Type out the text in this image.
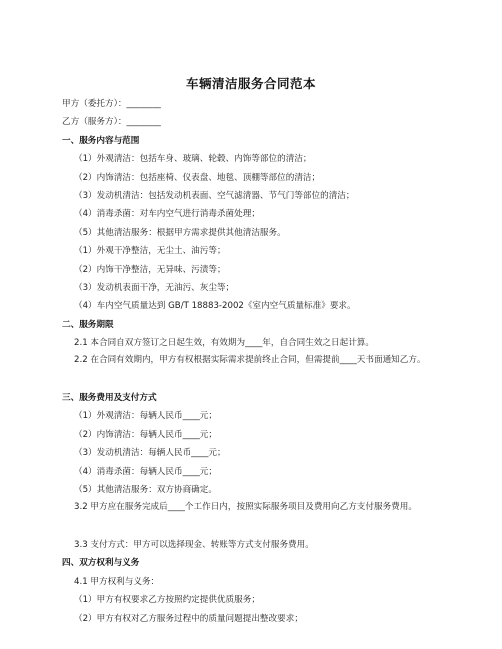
车辆清洁服务合同范本
甲方（委托方）：________
乙方（服务方）：________
一、服务内容与范围
（1）外观清洁：包括车身、玻璃、轮毂、内饰等部位的清洁；
（2）内饰清洁：包括座椅、仪表盘、地毯、顶棚等部位的清洁；
（3）发动机清洁：包括发动机表面、空气滤清器、节气门等部位的清洁；
（4）消毒杀菌：对车内空气进行消毒杀菌处理；
（5）其他清洁服务：根据甲方需求提供其他清洁服务。
（1）外观干净整洁，无尘土、油污等；
（2）内饰干净整洁，无异味、污渍等；
（3）发动机表面干净，无油污、灰尘等；
（4）车内空气质量达到 GB/T 18883-2002《室内空气质量标准》要求。
二、服务期限
2.1 本合同自双方签订之日起生效，有效期为____年，自合同生效之日起计算。
2.2 在合同有效期内，甲方有权根据实际需求提前终止合同，但需提前____天书面通知乙方。
三、服务费用及支付方式
（1）外观清洁：每辆人民币____元；
（2）内饰清洁：每辆人民币____元；
（3）发动机清洁：每辆人民币____元；
（4）消毒杀菌：每辆人民币____元；
（5）其他清洁服务：双方协商确定。
3.2 甲方应在服务完成后____个工作日内，按照实际服务项目及费用向乙方支付服务费用。
3.3 支付方式：甲方可以选择现金、转账等方式支付服务费用。
四、双方权利与义务
4.1 甲方权利与义务：
（1）甲方有权要求乙方按照约定提供优质服务；
（2）甲方有权对乙方服务过程中的质量问题提出整改要求；
